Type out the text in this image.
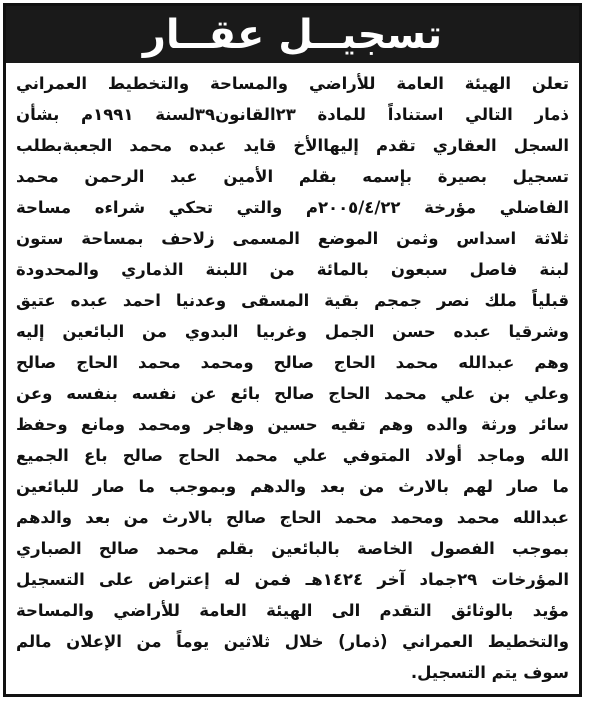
تسجيــل عقــار
تعلن الهيئة العامة للأراضي والمساحة والتخطيط العمراني
ذمار التالي استناداً للمادة ٢٣القانون٣٩لسنة ١٩٩١م بشأن
السجل العقاري تقدم إليهاالأخ قايد عبده محمد الجعبةبطلب
تسجيل بصيرة بإسمه بقلم الأمين عبد الرحمن محمد
الفاضلي مؤرخة ٢٠٠٥/٤/٢٢م والتي تحكي شراءه مساحة
ثلاثة اسداس وثمن الموضع المسمى زلاحف بمساحة ستون
لبنة فاصل سبعون بالمائة من اللبنة الذماري والمحدودة
قبلياً ملك نصر جمجم بقية المسقى وعدنيا احمد عبده عتيق
وشرقيا عبده حسن الجمل وغربيا البدوي من البائعين إليه
وهم عبدالله محمد الحاج صالح ومحمد محمد الحاج صالح
وعلي بن علي محمد الحاج صالح بائع عن نفسه بنفسه وعن
سائر ورثة والده وهم تقيه حسين وهاجر ومحمد ومانع وحفظ
الله وماجد أولاد المتوفي علي محمد الحاج صالح باع الجميع
ما صار لهم بالارث من بعد والدهم وبموجب ما صار للبائعين
عبدالله محمد ومحمد محمد الحاج صالح بالارث من بعد والدهم
بموجب الفصول الخاصة بالبائعين بقلم محمد صالح الصباري
المؤرخات ٢٩جماد آخر ١٤٢٤هـ فمن له إعتراض على التسجيل
مؤيد بالوثائق التقدم الى الهيئة العامة للأراضي والمساحة
والتخطيط العمراني (ذمار) خلال ثلاثين يوماً من الإعلان مالم
سوف يتم التسجيل.
